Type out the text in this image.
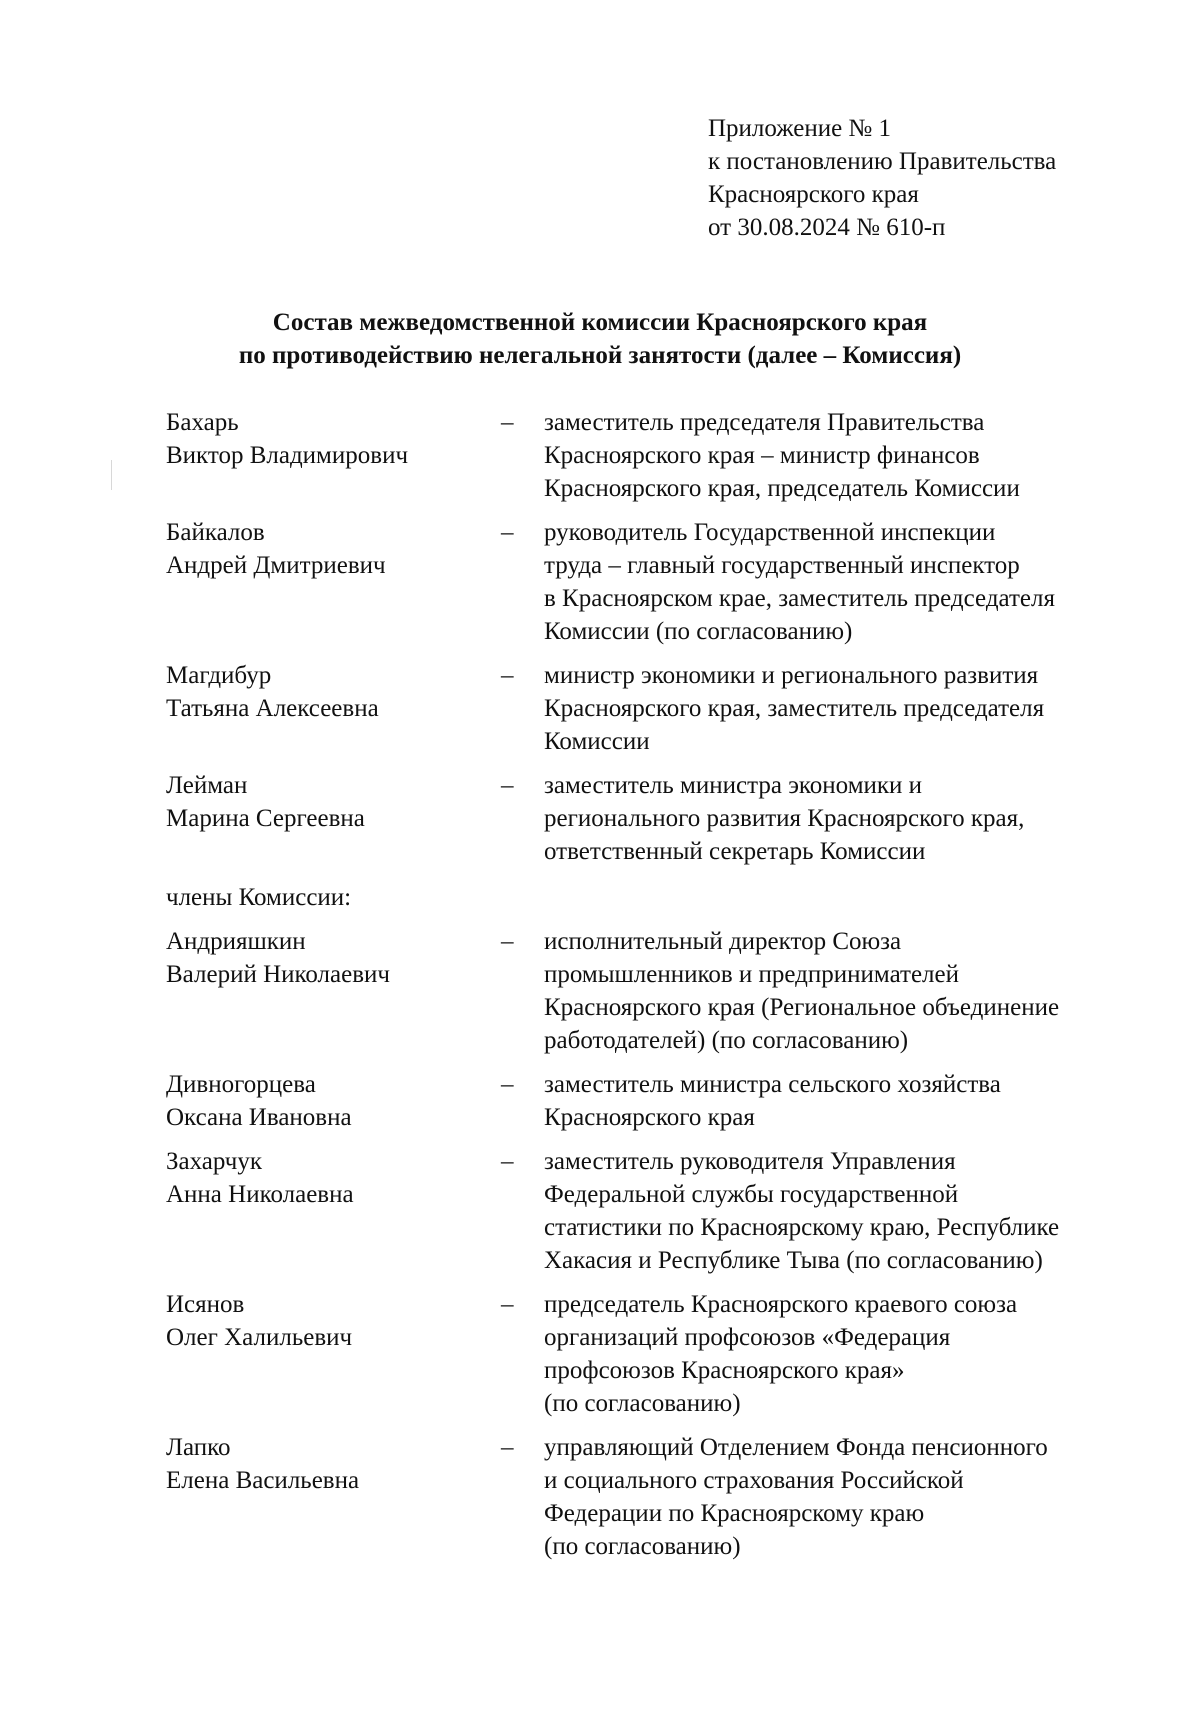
Приложение № 1
к постановлению Правительства
Красноярского края
от 30.08.2024 № 610-п
Состав межведомственной комиссии Красноярского края
по противодействию нелегальной занятости (далее – Комиссия)
Бахарь
Виктор Владимирович
–	заместитель председателя Правительства
Красноярского края – министр финансов
Красноярского края, председатель Комиссии
Байкалов
Андрей Дмитриевич
–	руководитель Государственной инспекции
труда – главный государственный инспектор
в Красноярском крае, заместитель председателя
Комиссии (по согласованию)
Магдибур
Татьяна Алексеевна
–	министр экономики и регионального развития
Красноярского края, заместитель председателя
Комиссии
Лейман
Марина Сергеевна
–	заместитель министра экономики и
регионального развития Красноярского края,
ответственный секретарь Комиссии
члены Комиссии:
Андрияшкин
Валерий Николаевич
–	исполнительный директор Союза
промышленников и предпринимателей
Красноярского края (Региональное объединение
работодателей) (по согласованию)
Дивногорцева
Оксана Ивановна
–	заместитель министра сельского хозяйства
Красноярского края
Захарчук
Анна Николаевна
–	заместитель руководителя Управления
Федеральной службы государственной
статистики по Красноярскому краю, Республике
Хакасия и Республике Тыва (по согласованию)
Исянов
Олег Халильевич
–	председатель Красноярского краевого союза
организаций профсоюзов «Федерация
профсоюзов Красноярского края»
(по согласованию)
Лапко
Елена Васильевна
–	управляющий Отделением Фонда пенсионного
и социального страхования Российской
Федерации по Красноярскому краю
(по согласованию)
